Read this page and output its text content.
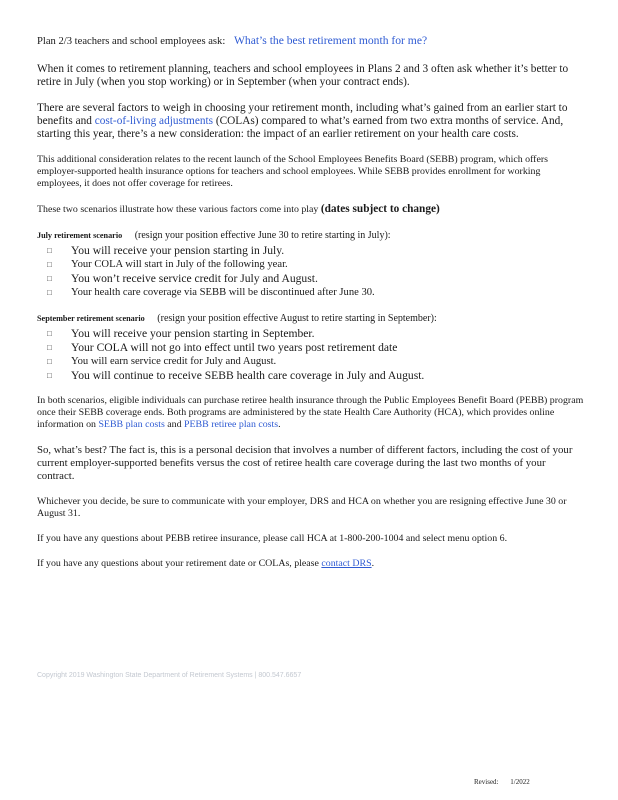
Plan 2/3 teachers and school employees ask: What’s the best retirement month for me?

When it comes to retirement planning, teachers and school employees in Plans 2 and 3 often ask whether it’s better to retire in July (when you stop working) or in September (when your contract ends).

There are several factors to weigh in choosing your retirement month, including what’s gained from an earlier start to benefits and cost-of-living adjustments (COLAs) compared to what’s earned from two extra months of service. And, starting this year, there’s a new consideration: the impact of an earlier retirement on your health care costs.

This additional consideration relates to the recent launch of the School Employees Benefits Board (SEBB) program, which offers employer-supported health insurance options for teachers and school employees. While SEBB provides enrollment for working employees, it does not offer coverage for retirees.

These two scenarios illustrate how these various factors come into play (dates subject to change)

July retirement scenario (resign your position effective June 30 to retire starting in July):

□	You will receive your pension starting in July.
□	Your COLA will start in July of the following year.
□	You won’t receive service credit for July and August.
□	Your health care coverage via SEBB will be discontinued after June 30.

September retirement scenario (resign your position effective August to retire starting in September):

□	You will receive your pension starting in September.
□	Your COLA will not go into effect until two years post retirement date
□	You will earn service credit for July and August.
□	You will continue to receive SEBB health care coverage in July and August.

In both scenarios, eligible individuals can purchase retiree health insurance through the Public Employees Benefit Board (PEBB) program once their SEBB coverage ends. Both programs are administered by the state Health Care Authority (HCA), which provides online information on SEBB plan costs and PEBB retiree plan costs.

So, what’s best? The fact is, this is a personal decision that involves a number of different factors, including the cost of your current employer-supported benefits versus the cost of retiree health care coverage during the last two months of your contract.

Whichever you decide, be sure to communicate with your employer, DRS and HCA on whether you are resigning effective June 30 or August 31.

If you have any questions about PEBB retiree insurance, please call HCA at 1-800-200-1004 and select menu option 6.

If you have any questions about your retirement date or COLAs, please contact DRS.

Copyright 2019 Washington State Department of Retirement Systems | 800.547.6657
Revised: 1/2022
